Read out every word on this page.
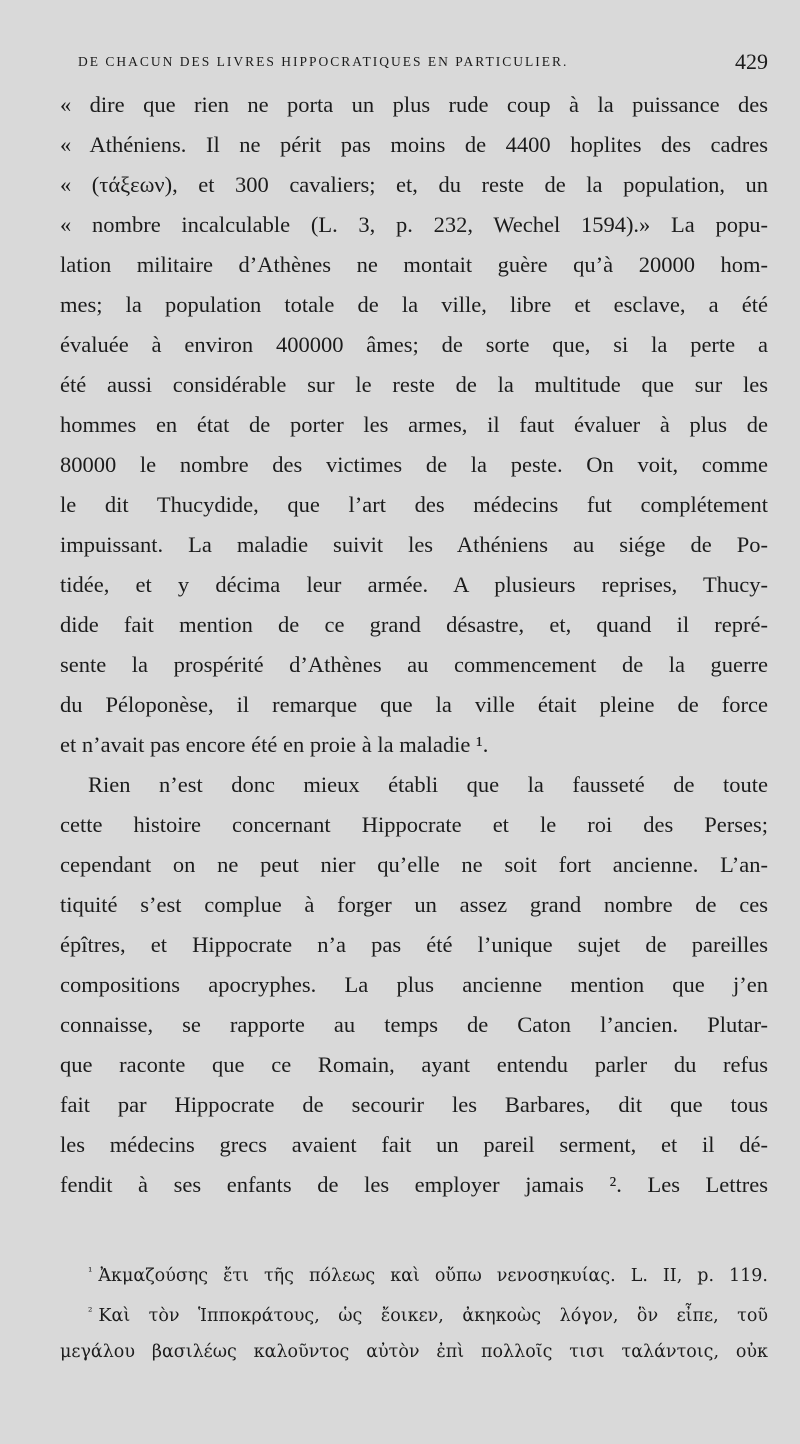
DE CHACUN DES LIVRES HIPPOCRATIQUES EN PARTICULIER.	429
« dire que rien ne porta un plus rude coup à la puissance des
« Athéniens. Il ne périt pas moins de 4400 hoplites des cadres
« (τάξεων), et 300 cavaliers; et, du reste de la population, un
« nombre incalculable (L. 3, p. 232, Wechel 1594).» La popu-
lation militaire d’Athènes ne montait guère qu’à 20000 hom-
mes; la population totale de la ville, libre et esclave, a été
évaluée à environ 400000 âmes; de sorte que, si la perte a
été aussi considérable sur le reste de la multitude que sur les
hommes en état de porter les armes, il faut évaluer à plus de
80000 le nombre des victimes de la peste. On voit, comme
le dit Thucydide, que l’art des médecins fut complétement
impuissant. La maladie suivit les Athéniens au siége de Po-
tidée, et y décima leur armée. A plusieurs reprises, Thucy-
dide fait mention de ce grand désastre, et, quand il repré-
sente la prospérité d’Athènes au commencement de la guerre
du Péloponèse, il remarque que la ville était pleine de force
et n’avait pas encore été en proie à la maladie ¹.
Rien n’est donc mieux établi que la fausseté de toute
cette histoire concernant Hippocrate et le roi des Perses;
cependant on ne peut nier qu’elle ne soit fort ancienne. L’an-
tiquité s’est complue à forger un assez grand nombre de ces
épîtres, et Hippocrate n’a pas été l’unique sujet de pareilles
compositions apocryphes. La plus ancienne mention que j’en
connaisse, se rapporte au temps de Caton l’ancien. Plutar-
que raconte que ce Romain, ayant entendu parler du refus
fait par Hippocrate de secourir les Barbares, dit que tous
les médecins grecs avaient fait un pareil serment, et il dé-
fendit à ses enfants de les employer jamais ². Les Lettres
$^{^1}$ Ἀκμαζούσης ἔτι τῆς πόλεως καὶ οὔπω νενοσηκυίας. L. II, p. 119.
$^{^2}$ Καὶ τὸν Ἱπποκράτους, ὡς ἔοικεν, ἀκηκοὼς λόγον, ὃν εἶπε, τοῦ
μεγάλου βασιλέως καλοῦντος αὐτὸν ἐπὶ πολλοῖς τισι ταλάντοις, οὐκ
